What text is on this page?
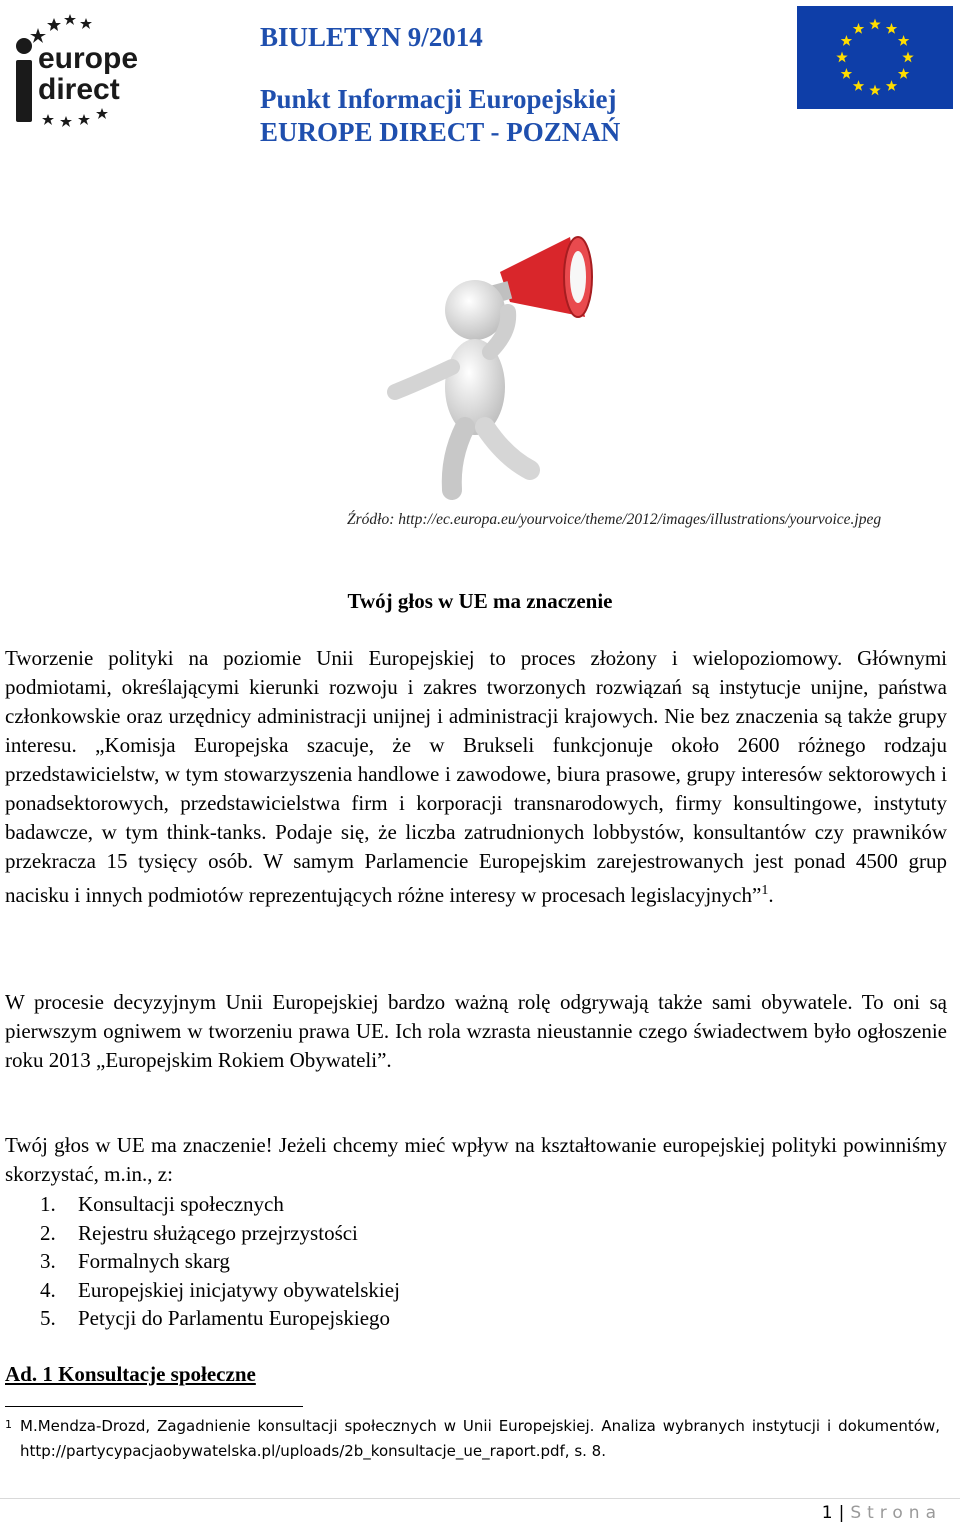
europe
direct
BIULETYN 9/2014
Punkt Informacji Europejskiej
EUROPE DIRECT - POZNAŃ
Źródło: http://ec.europa.eu/yourvoice/theme/2012/images/illustrations/yourvoice.jpeg
Twój głos w UE ma znaczenie
Tworzenie polityki na poziomie Unii Europejskiej to proces złożony i wielopoziomowy. Głównymi podmiotami, określającymi kierunki rozwoju i zakres tworzonych rozwiązań są instytucje unijne, państwa członkowskie oraz urzędnicy administracji unijnej i administracji krajowych. Nie bez znaczenia są także grupy interesu. „Komisja Europejska szacuje, że w Brukseli funkcjonuje około 2600 różnego rodzaju przedstawicielstw, w tym stowarzyszenia handlowe i zawodowe, biura prasowe, grupy interesów sektorowych i ponadsektorowych, przedstawicielstwa firm i korporacji transnarodowych, firmy konsultingowe, instytuty badawcze, w tym think-tanks. Podaje się, że liczba zatrudnionych lobbystów, konsultantów czy prawników przekracza 15 tysięcy osób. W samym Parlamencie Europejskim zarejestrowanych jest ponad 4500 grup nacisku i innych podmiotów reprezentujących różne interesy w procesach legislacyjnych”$^1$.
W procesie decyzyjnym Unii Europejskiej bardzo ważną rolę odgrywają także sami obywatele. To oni są pierwszym ogniwem w tworzeniu prawa UE. Ich rola wzrasta nieustannie czego świadectwem było ogłoszenie roku 2013 „Europejskim Rokiem Obywateli”.
Twój głos w UE ma znaczenie! Jeżeli chcemy mieć wpływ na kształtowanie europejskiej polityki powinniśmy skorzystać, m.in., z:
1. Konsultacji społecznych
2. Rejestru służącego przejrzystości
3. Formalnych skarg
4. Europejskiej inicjatywy obywatelskiej
5. Petycji do Parlamentu Europejskiego
Ad. 1 Konsultacje społeczne
$^1$ M.Mendza-Drozd, Zagadnienie konsultacji społecznych w Unii Europejskiej. Analiza wybranych instytucji i dokumentów, http://partycypacjaobywatelska.pl/uploads/2b_konsultacje_ue_raport.pdf, s. 8.
1 | Strona
